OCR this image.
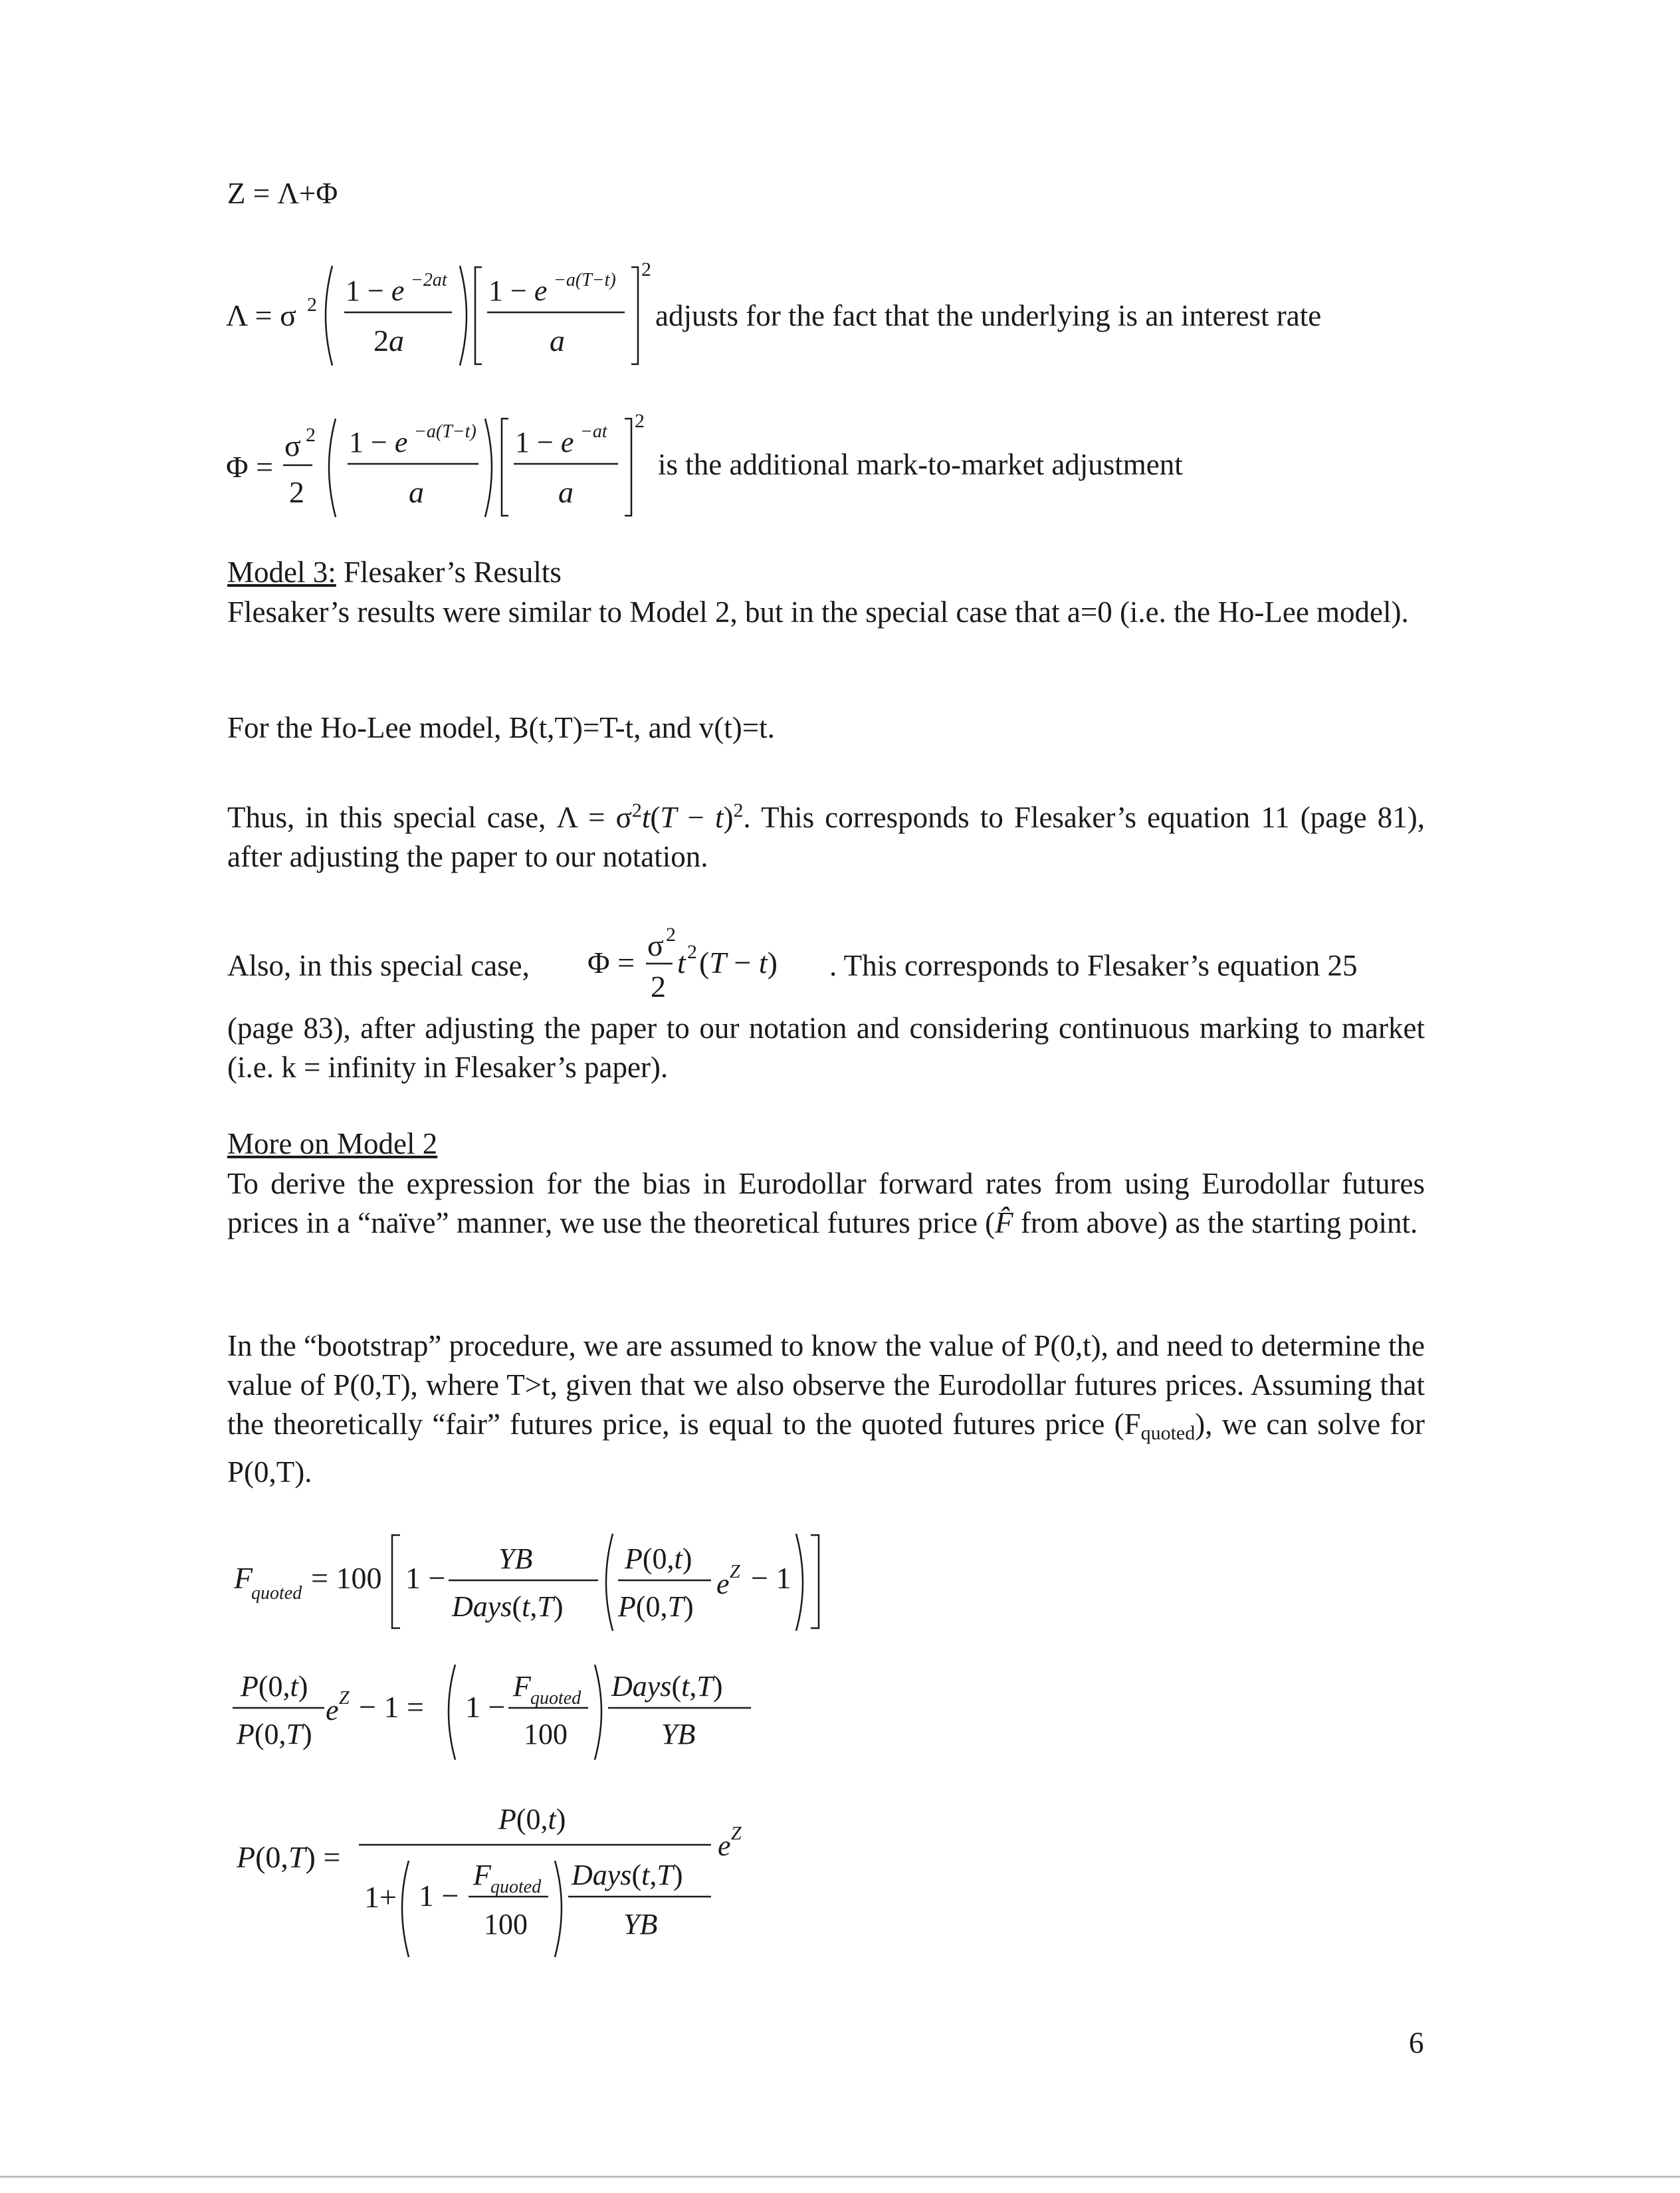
Z = Λ+Φ
Λ = σ 2 1 − e −2at
2a
1 − e −a(T−t)
a
2
adjusts for the fact that the underlying is an interest rate
Φ =
σ 2
2
1 − e −a(T−t)
a
1 − e −at
a
2
is the additional mark-to-market adjustment
Model 3: Flesaker’s Results
Flesaker’s results were similar to Model 2, but in the special case that a=0 (i.e. the Ho-Lee model).
For the Ho-Lee model, B(t,T)=T-t, and v(t)=t.
Thus, in this special case, $\Lambda = \sigma^2t(T - t)^2$. This corresponds to Flesaker’s equation 11 (page 81), after adjusting the paper to our notation.
Also, in this special case, Φ =
σ 2
2
t 2 (T − t) . This corresponds to Flesaker’s equation 25
(page 83), after adjusting the paper to our notation and considering continuous marking to market (i.e. k = infinity in Flesaker’s paper).
More on Model 2
To derive the expression for the bias in Eurodollar forward rates from using Eurodollar futures prices in a “naïve” manner, we use the theoretical futures price (F̂ from above) as the starting point.
In the “bootstrap” procedure, we are assumed to know the value of P(0,t), and need to determine the value of P(0,T), where T>t, given that we also observe the Eurodollar futures prices. Assuming that the theoretically “fair” futures price, is equal to the quoted futures price $(F_{quoted})$, we can solve for P(0,T).
F
quoted = 100 1 −
YB
Days(t,T)
P(0,t)
P(0,T)
e Z − 1
P(0,t)
P(0,T)
e Z − 1 = 1 −
F quoted
100
Days(t,T)
YB
P(0,T) =
P(0,t)
1+ 1 −
F quoted
100
Days(t,T)
YB
e Z
6
